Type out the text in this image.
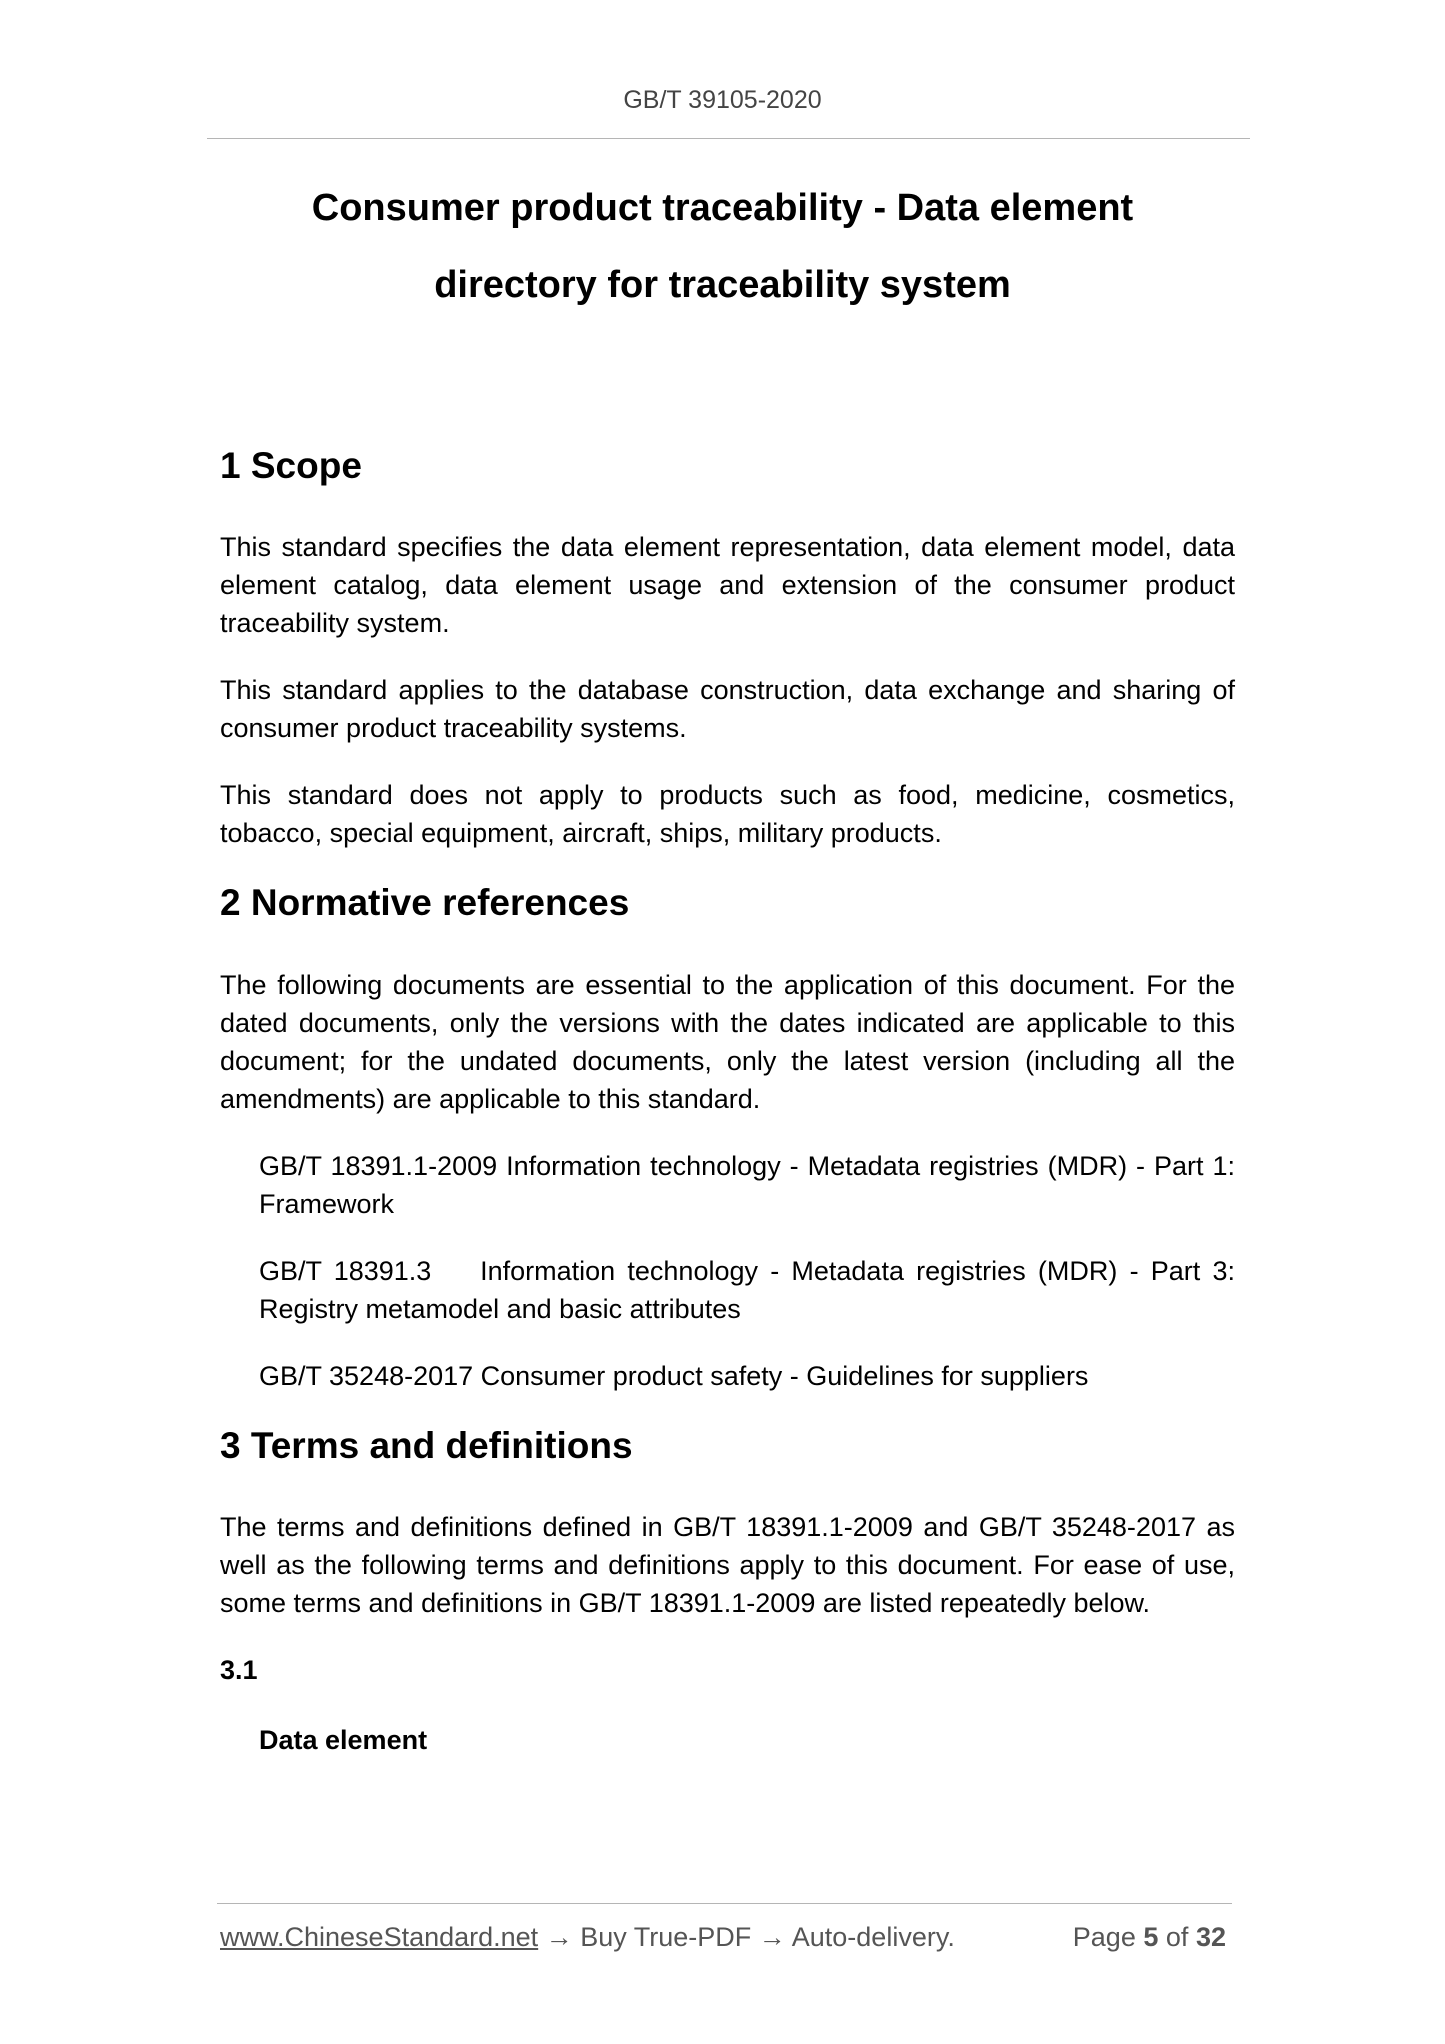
GB/T 39105-2020
Consumer product traceability - Data element
directory for traceability system
1 Scope

This standard specifies the data element representation, data element model, data element catalog, data element usage and extension of the consumer product traceability system.

This standard applies to the database construction, data exchange and sharing of consumer product traceability systems.

This standard does not apply to products such as food, medicine, cosmetics, tobacco, special equipment, aircraft, ships, military products.

2 Normative references

The following documents are essential to the application of this document. For the dated documents, only the versions with the dates indicated are applicable to this document; for the undated documents, only the latest version (including all the amendments) are applicable to this standard.

GB/T 18391.1-2009 Information technology - Metadata registries (MDR) - Part 1: Framework

GB/T 18391.3    Information technology - Metadata registries (MDR) - Part 3: Registry metamodel and basic attributes

GB/T 35248-2017 Consumer product safety - Guidelines for suppliers

3 Terms and definitions

The terms and definitions defined in GB/T 18391.1-2009 and GB/T 35248-2017 as well as the following terms and definitions apply to this document. For ease of use, some terms and definitions in GB/T 18391.1-2009 are listed repeatedly below.

3.1
Data element
www.ChineseStandard.net → Buy True-PDF → Auto-delivery.	Page 5 of 32
